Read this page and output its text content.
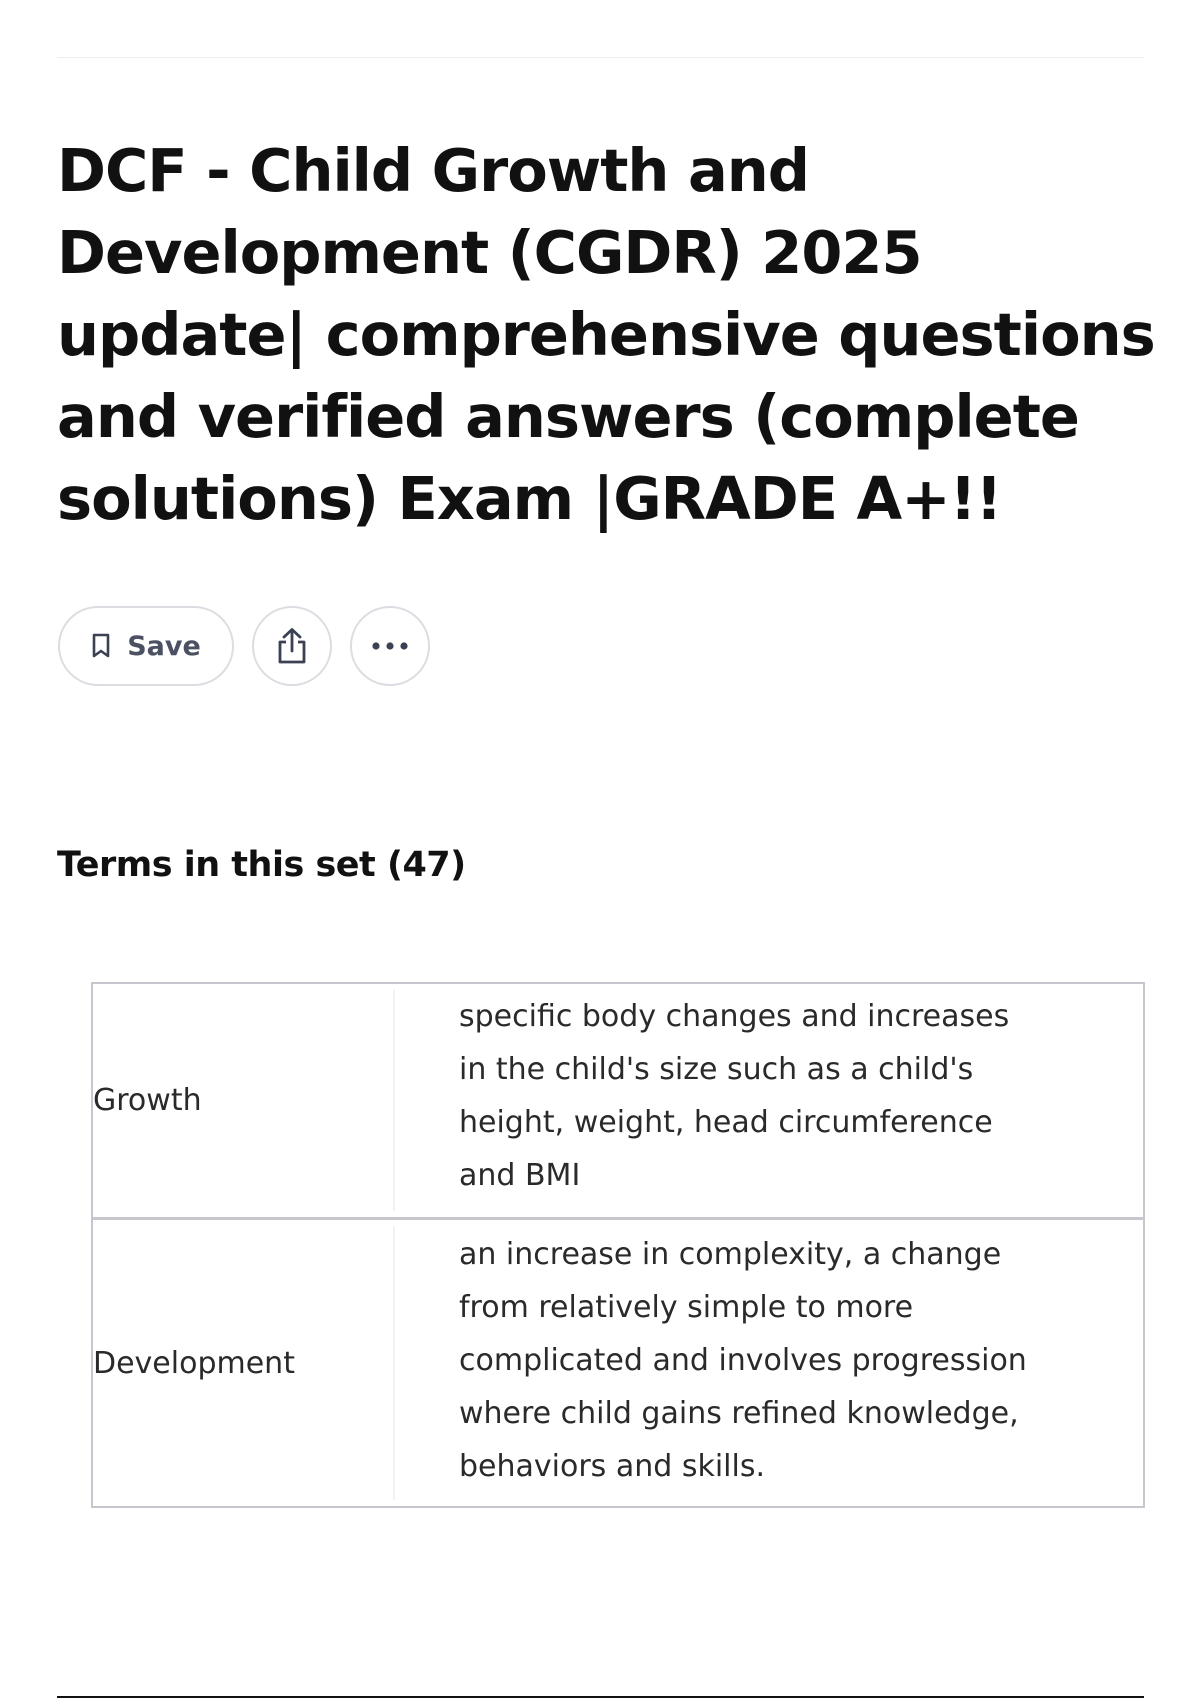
DCF - Child Growth and Development (CGDR) 2025 update| comprehensive questions and verified answers (complete solutions) Exam |GRADE A+!!
Save
Terms in this set (47)
Growth
specific body changes and increases in the child's size such as a child's height, weight, head circumference and BMI
Development
an increase in complexity, a change from relatively simple to more complicated and involves progression where child gains refined knowledge, behaviors and skills.
